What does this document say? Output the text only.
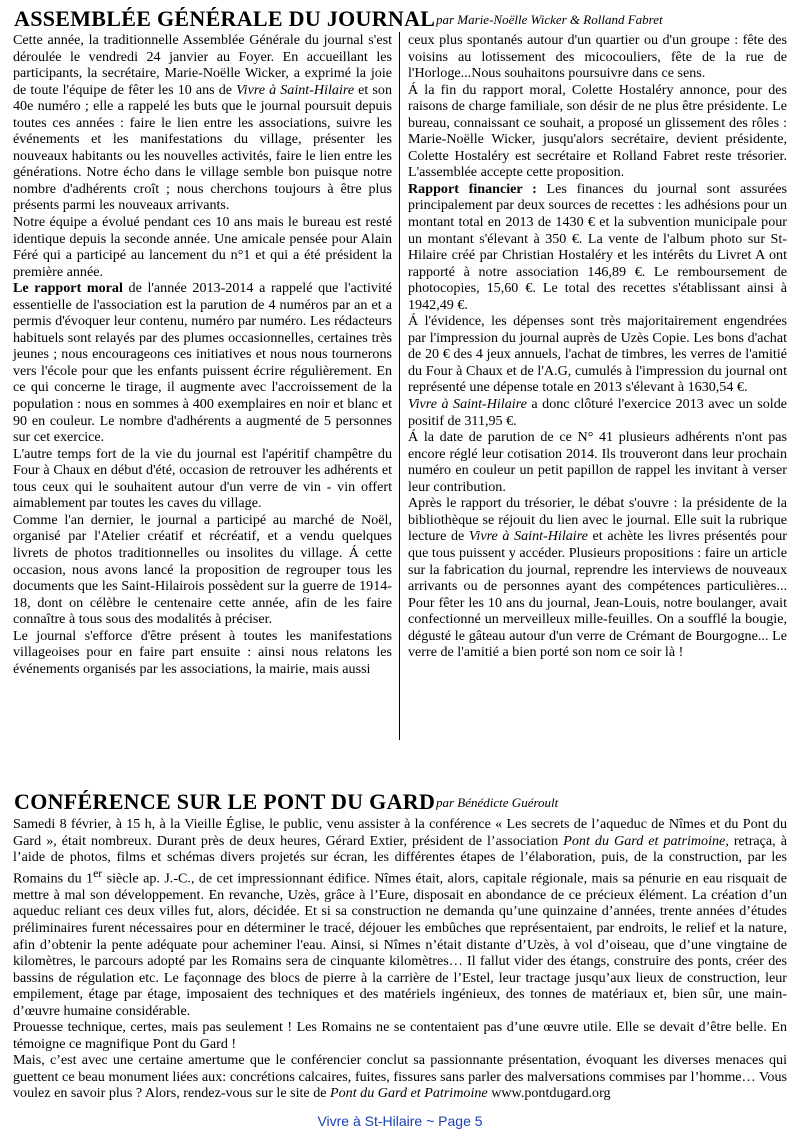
ASSEMBLÉE GÉNÉRALE DU JOURNAL par Marie-Noëlle Wicker & Rolland Fabret

Cette année, la traditionnelle Assemblée Générale du journal s'est déroulée le vendredi 24 janvier au Foyer. En accueillant les participants, la secrétaire, Marie-Noëlle Wicker, a exprimé la joie de toute l'équipe de fêter les 10 ans de Vivre à Saint-Hilaire et son 40e numéro ; elle a rappelé les buts que le journal poursuit depuis toutes ces années : faire le lien entre les associations, suivre les événements et les manifestations du village, présenter les nouveaux habitants ou les nouvelles activités, faire le lien entre les générations. Notre écho dans le village semble bon puisque notre nombre d'adhérents croît ; nous cherchons toujours à être plus présents parmi les nouveaux arrivants.

Notre équipe a évolué pendant ces 10 ans mais le bureau est resté identique depuis la seconde année. Une amicale pensée pour Alain Féré qui a participé au lancement du n°1 et qui a été président la première année.

Le rapport moral de l'année 2013-2014 a rappelé que l'activité essentielle de l'association est la parution de 4 numéros par an et a permis d'évoquer leur contenu, numéro par numéro. Les rédacteurs habituels sont relayés par des plumes occasionnelles, certaines très jeunes ; nous encourageons ces initiatives et nous nous tournerons vers l'école pour que les enfants puissent écrire régulièrement. En ce qui concerne le tirage, il augmente avec l'accroissement de la population : nous en sommes à 400 exemplaires en noir et blanc et 90 en couleur. Le nombre d'adhérents a augmenté de 5 personnes sur cet exercice.

L'autre temps fort de la vie du journal est l'apéritif champêtre du Four à Chaux en début d'été, occasion de retrouver les adhérents et tous ceux qui le souhaitent autour d'un verre de vin - vin offert aimablement par toutes les caves du village.

Comme l'an dernier, le journal a participé au marché de Noël, organisé par l'Atelier créatif et récréatif, et a vendu quelques livrets de photos traditionnelles ou insolites du village. Á cette occasion, nous avons lancé la proposition de regrouper tous les documents que les Saint-Hilairois possèdent sur la guerre de 1914-18, dont on célèbre le centenaire cette année, afin de les faire connaître à tous sous des modalités à préciser.

Le journal s'efforce d'être présent à toutes les manifestations villageoises pour en faire part ensuite : ainsi nous relatons les événements organisés par les associations, la mairie, mais aussi

ceux plus spontanés autour d'un quartier ou d'un groupe : fête des voisins au lotissement des micocouliers, fête de la rue de l'Horloge...Nous souhaitons poursuivre dans ce sens.

Á la fin du rapport moral, Colette Hostaléry annonce, pour des raisons de charge familiale, son désir de ne plus être présidente. Le bureau, connaissant ce souhait, a proposé un glissement des rôles : Marie-Noëlle Wicker, jusqu'alors secrétaire, devient présidente, Colette Hostaléry est secrétaire et Rolland Fabret reste trésorier. L'assemblée accepte cette proposition.

Rapport financier : Les finances du journal sont assurées principalement par deux sources de recettes : les adhésions pour un montant total en 2013 de 1430 € et la subvention municipale pour un montant s'élevant à 350 €. La vente de l'album photo sur St-Hilaire créé par Christian Hostaléry et les intérêts du Livret A ont rapporté à notre association 146,89 €. Le remboursement de photocopies, 15,60 €. Le total des recettes s'établissant ainsi à 1942,49 €.

Á l'évidence, les dépenses sont très majoritairement engendrées par l'impression du journal auprès de Uzès Copie. Les bons d'achat de 20 € des 4 jeux annuels, l'achat de timbres, les verres de l'amitié du Four à Chaux et de l'A.G, cumulés à l'impression du journal ont représenté une dépense totale en 2013 s'élevant à 1630,54 €.

Vivre à Saint-Hilaire a donc clôturé l'exercice 2013 avec un solde positif de 311,95 €.

Á la date de parution de ce N° 41 plusieurs adhérents n'ont pas encore réglé leur cotisation 2014. Ils trouveront dans leur prochain numéro en couleur un petit papillon de rappel les invitant à verser leur contribution.

Après le rapport du trésorier, le débat s'ouvre : la présidente de la bibliothèque se réjouit du lien avec le journal. Elle suit la rubrique lecture de Vivre à Saint-Hilaire et achète les livres présentés pour que tous puissent y accéder. Plusieurs propositions : faire un article sur la fabrication du journal, reprendre les interviews de nouveaux arrivants ou de personnes ayant des compétences particulières... Pour fêter les 10 ans du journal, Jean-Louis, notre boulanger, avait confectionné un merveilleux mille-feuilles. On a soufflé la bougie, dégusté le gâteau autour d'un verre de Crémant de Bourgogne... Le verre de l'amitié a bien porté son nom ce soir là !

CONFÉRENCE SUR LE PONT DU GARD par Bénédicte Guéroult

Samedi 8 février, à 15 h, à la Vieille Église, le public, venu assister à la conférence « Les secrets de l’aqueduc de Nîmes et du Pont du Gard », était nombreux. Durant près de deux heures, Gérard Extier, président de l’association Pont du Gard et patrimoine, retraça, à l’aide de photos, films et schémas divers projetés sur écran, les différentes étapes de l’élaboration, puis, de la construction, par les Romains du 1er siècle ap. J.-C., de cet impressionnant édifice. Nîmes était, alors, capitale régionale, mais sa pénurie en eau risquait de mettre à mal son développement. En revanche, Uzès, grâce à l’Eure, disposait en abondance de ce précieux élément. La création d’un aqueduc reliant ces deux villes fut, alors, décidée. Et si sa construction ne demanda qu’une quinzaine d’années, trente années d’études préliminaires furent nécessaires pour en déterminer le tracé, déjouer les embûches que représentaient, par endroits, le relief et la nature, afin d’obtenir la pente adéquate pour acheminer l'eau. Ainsi, si Nîmes n’était distante d’Uzès, à vol d’oiseau, que d’une vingtaine de kilomètres, le parcours adopté par les Romains sera de cinquante kilomètres… Il fallut vider des étangs, construire des ponts, créer des bassins de régulation etc. Le façonnage des blocs de pierre à la carrière de l’Estel, leur tractage jusqu’aux lieux de construction, leur empilement, étage par étage, imposaient des techniques et des matériels ingénieux, des tonnes de matériaux et, bien sûr, une main-d’œuvre humaine considérable.

Prouesse technique, certes, mais pas seulement ! Les Romains ne se contentaient pas d’une œuvre utile. Elle se devait d’être belle. En témoigne ce magnifique Pont du Gard !

Mais, c’est avec une certaine amertume que le conférencier conclut sa passionnante présentation, évoquant les diverses menaces qui guettent ce beau monument liées aux: concrétions calcaires, fuites, fissures sans parler des malversations commises par l’homme… Vous voulez en savoir plus ? Alors, rendez-vous sur le site de Pont du Gard et Patrimoine www.pontdugard.org

Vivre à St-Hilaire ~ Page 5
